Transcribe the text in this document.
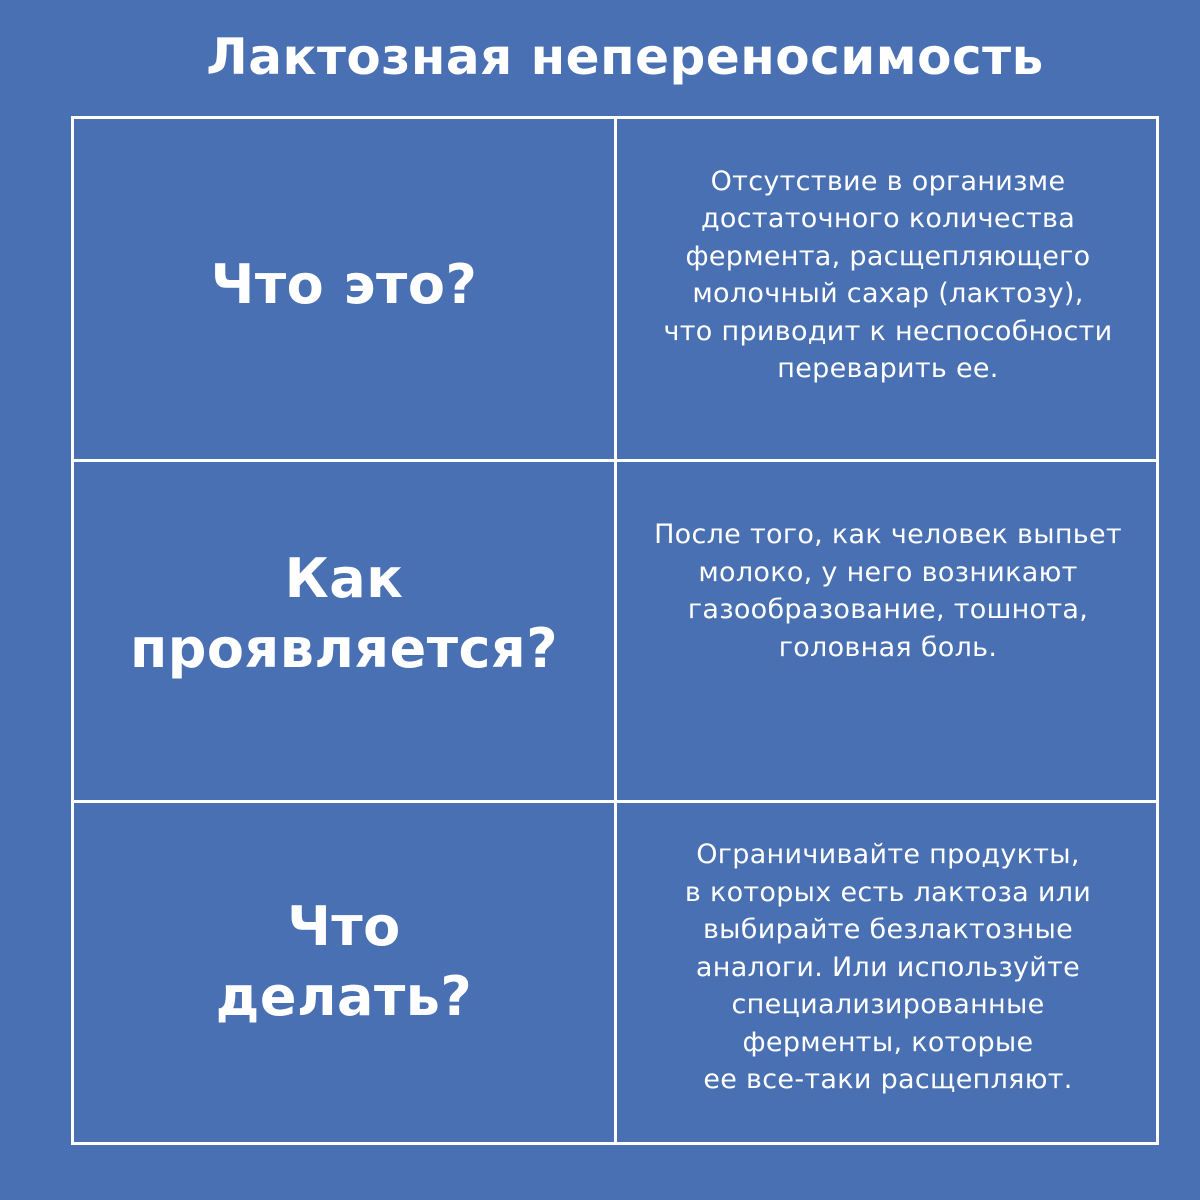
Лактозная непереносимость
Что это?
Отсутствие в организме
достаточного количества
фермента, расщепляющего
молочный сахар (лактозу),
что приводит к неспособности
переварить ее.
Как
проявляется?
После того, как человек выпьет
молоко, у него возникают
газообразование, тошнота,
головная боль.
Что
делать?
Ограничивайте продукты,
в которых есть лактоза или
выбирайте безлактозные
аналоги. Или используйте
специализированные
ферменты, которые
ее все-таки расщепляют.
